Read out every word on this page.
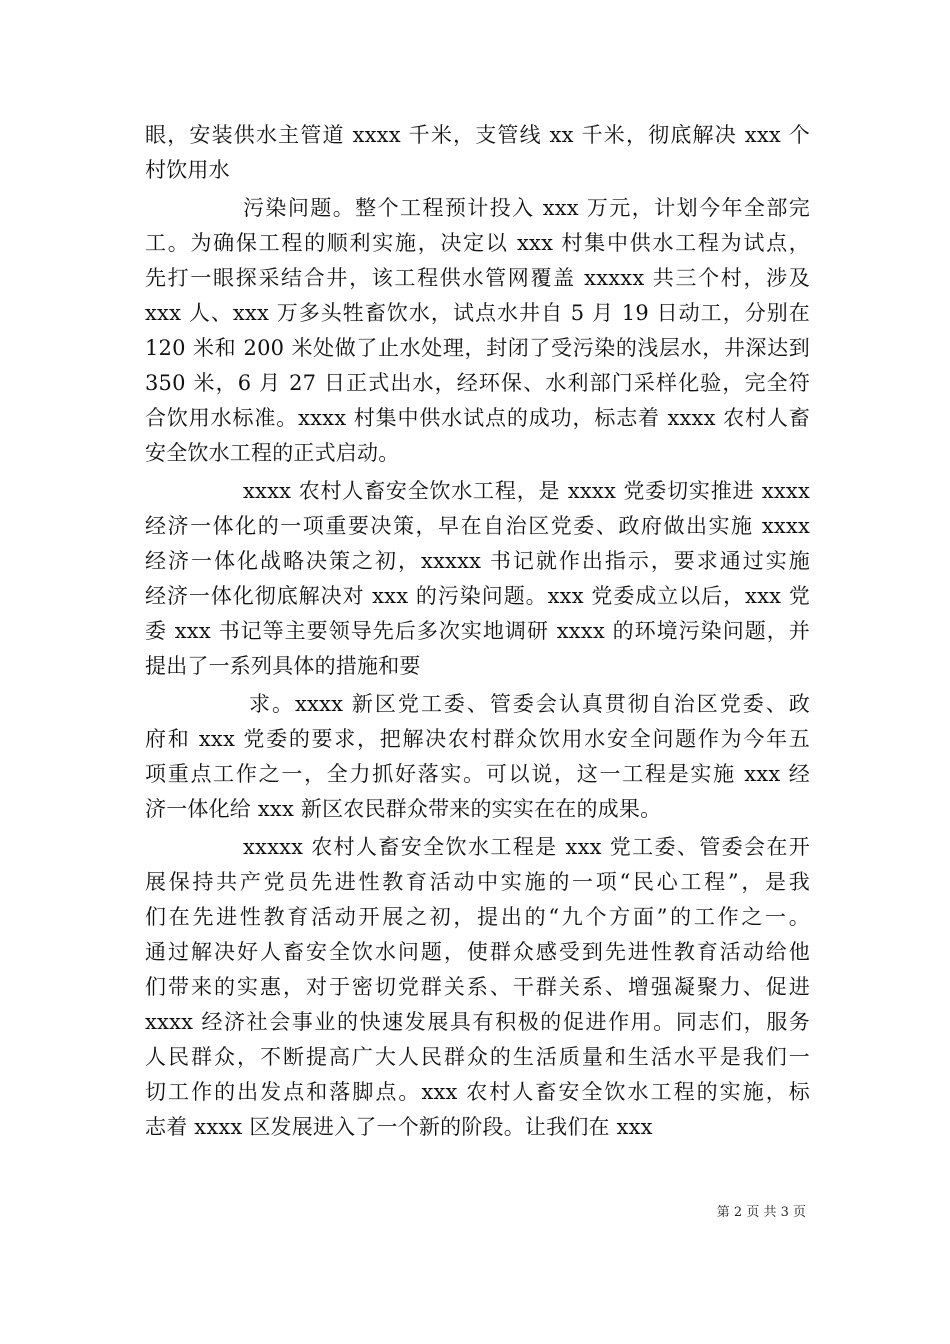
眼，安装供水主管道 xxxx 千米，支管线 xx 千米，彻底解决 xxx 个
村饮用水
污染问题。整个工程预计投入 xxx 万元，计划今年全部完
工。为确保工程的顺利实施，决定以 xxx 村集中供水工程为试点，
先打一眼探采结合井，该工程供水管网覆盖 xxxxx 共三个村，涉及
xxx 人、xxx 万多头牲畜饮水，试点水井自 5 月 19 日动工，分别在
120 米和 200 米处做了止水处理，封闭了受污染的浅层水，井深达到
350 米，6 月 27 日正式出水，经环保、水利部门采样化验，完全符
合饮用水标准。xxxx 村集中供水试点的成功，标志着 xxxx 农村人畜
安全饮水工程的正式启动。
xxxx 农村人畜安全饮水工程，是 xxxx 党委切实推进 xxxx
经济一体化的一项重要决策，早在自治区党委、政府做出实施 xxxx
经济一体化战略决策之初，xxxxx 书记就作出指示，要求通过实施
经济一体化彻底解决对 xxx 的污染问题。xxx 党委成立以后，xxx 党
委 xxx 书记等主要领导先后多次实地调研 xxxx 的环境污染问题，并
提出了一系列具体的措施和要
求。xxxx 新区党工委、管委会认真贯彻自治区党委、政
府和 xxx 党委的要求，把解决农村群众饮用水安全问题作为今年五
项重点工作之一，全力抓好落实。可以说，这一工程是实施 xxx 经
济一体化给 xxx 新区农民群众带来的实实在在的成果。
xxxxx 农村人畜安全饮水工程是 xxx 党工委、管委会在开
展保持共产党员先进性教育活动中实施的一项“民心工程”，是我
们在先进性教育活动开展之初，提出的“九个方面”的工作之一。
通过解决好人畜安全饮水问题，使群众感受到先进性教育活动给他
们带来的实惠，对于密切党群关系、干群关系、增强凝聚力、促进
xxxx 经济社会事业的快速发展具有积极的促进作用。同志们，服务
人民群众，不断提高广大人民群众的生活质量和生活水平是我们一
切工作的出发点和落脚点。xxx 农村人畜安全饮水工程的实施，标
志着 xxxx 区发展进入了一个新的阶段。让我们在 xxx
第 2 页 共 3 页
